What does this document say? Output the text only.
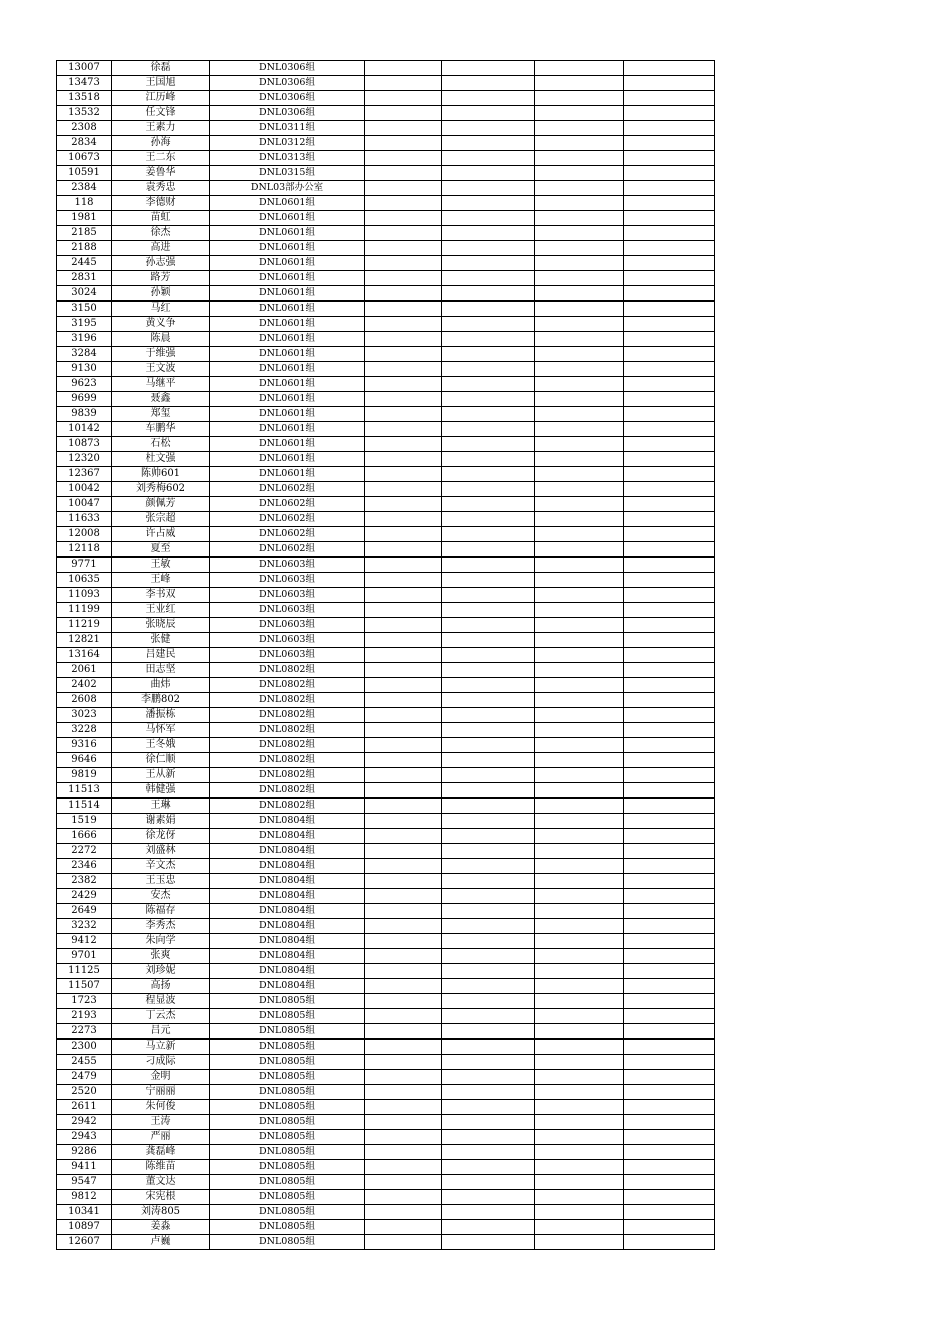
13007	徐磊	DNL0306组				
13473	王国旭	DNL0306组				
13518	江历峰	DNL0306组				
13532	任文锋	DNL0306组				
2308	王素力	DNL0311组				
2834	孙海	DNL0312组				
10673	王二东	DNL0313组				
10591	姜鲁华	DNL0315组				
2384	袁秀忠	DNL03部办公室				
118	李德财	DNL0601组				
1981	苗虹	DNL0601组				
2185	徐杰	DNL0601组				
2188	高进	DNL0601组				
2445	孙志强	DNL0601组				
2831	路芳	DNL0601组				
3024	孙颖	DNL0601组				
3150	马红	DNL0601组				
3195	黄义争	DNL0601组				
3196	陈晨	DNL0601组				
3284	于维强	DNL0601组				
9130	王文波	DNL0601组				
9623	马继平	DNL0601组				
9699	聂鑫	DNL0601组				
9839	郑玺	DNL0601组				
10142	车鹏华	DNL0601组				
10873	石松	DNL0601组				
12320	杜文强	DNL0601组				
12367	陈帅601	DNL0601组				
10042	刘秀梅602	DNL0602组				
10047	颜佩芳	DNL0602组				
11633	张宗超	DNL0602组				
12008	许占威	DNL0602组				
12118	夏至	DNL0602组				
9771	王敏	DNL0603组				
10635	王峰	DNL0603组				
11093	李书双	DNL0603组				
11199	王业红	DNL0603组				
11219	张晓辰	DNL0603组				
12821	张健	DNL0603组				
13164	吕建民	DNL0603组				
2061	田志坚	DNL0802组				
2402	曲炜	DNL0802组				
2608	李鹏802	DNL0802组				
3023	潘振栋	DNL0802组				
3228	马怀军	DNL0802组				
9316	王冬娥	DNL0802组				
9646	徐仁顺	DNL0802组				
9819	王从新	DNL0802组				
11513	韩健强	DNL0802组				
11514	王琳	DNL0802组				
1519	谢素娟	DNL0804组				
1666	徐龙伢	DNL0804组				
2272	刘盛林	DNL0804组				
2346	辛文杰	DNL0804组				
2382	王玉忠	DNL0804组				
2429	安杰	DNL0804组				
2649	陈福存	DNL0804组				
3232	李秀杰	DNL0804组				
9412	朱向学	DNL0804组				
9701	张爽	DNL0804组				
11125	刘珍妮	DNL0804组				
11507	高扬	DNL0804组				
1723	程显波	DNL0805组				
2193	丁云杰	DNL0805组				
2273	吕元	DNL0805组				
2300	马立新	DNL0805组				
2455	刁成际	DNL0805组				
2479	金明	DNL0805组				
2520	宁丽丽	DNL0805组				
2611	朱何俊	DNL0805组				
2942	王涛	DNL0805组				
2943	严丽	DNL0805组				
9286	龚磊峰	DNL0805组				
9411	陈维苗	DNL0805组				
9547	董文达	DNL0805组				
9812	宋宪根	DNL0805组				
10341	刘涛805	DNL0805组				
10897	姜淼	DNL0805组				
12607	卢巍	DNL0805组				
